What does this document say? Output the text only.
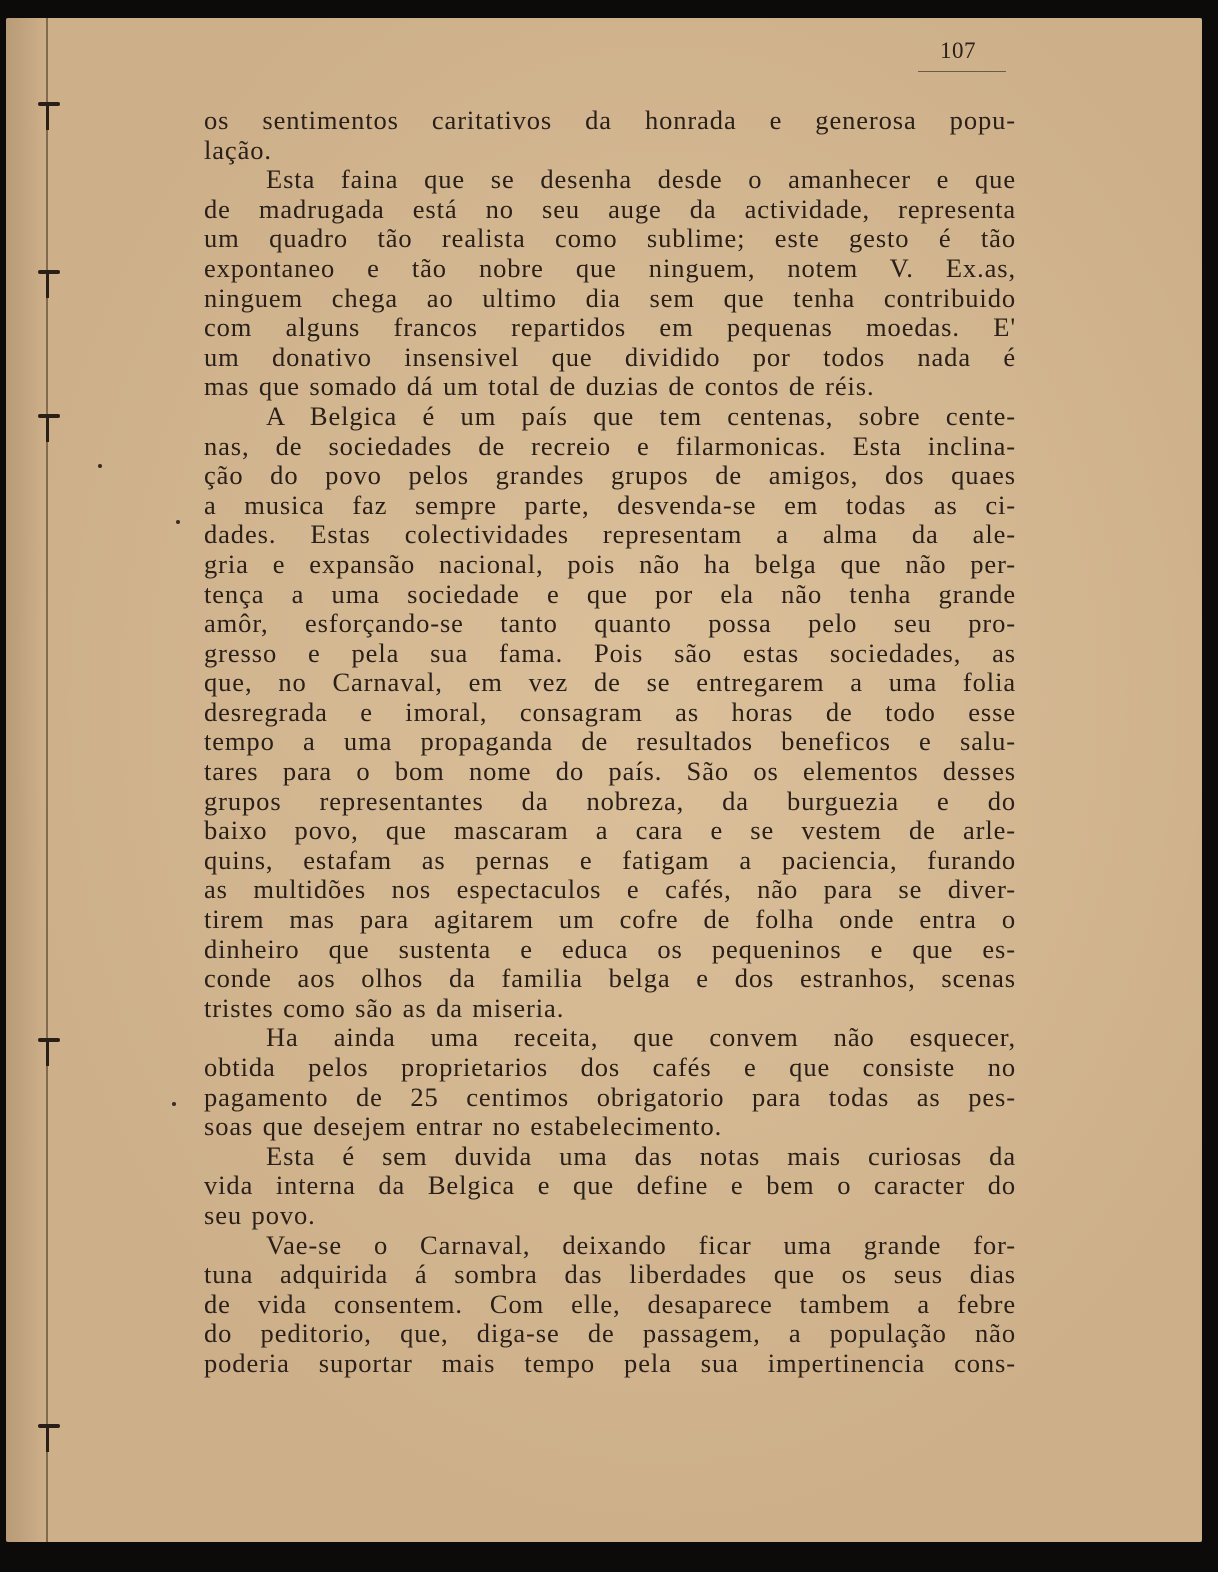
107
os sentimentos caritativos da honrada e generosa popu-
lação.
Esta faina que se desenha desde o amanhecer e que
de madrugada está no seu auge da actividade, representa
um quadro tão realista como sublime; este gesto é tão
expontaneo e tão nobre que ninguem, notem V. Ex.as,
ninguem chega ao ultimo dia sem que tenha contribuido
com alguns francos repartidos em pequenas moedas. E'
um donativo insensivel que dividido por todos nada é
mas que somado dá um total de duzias de contos de réis.
A Belgica é um país que tem centenas, sobre cente-
nas, de sociedades de recreio e filarmonicas. Esta inclina-
ção do povo pelos grandes grupos de amigos, dos quaes
a musica faz sempre parte, desvenda-se em todas as ci-
dades. Estas colectividades representam a alma da ale-
gria e expansão nacional, pois não ha belga que não per-
tença a uma sociedade e que por ela não tenha grande
amôr, esforçando-se tanto quanto possa pelo seu pro-
gresso e pela sua fama. Pois são estas sociedades, as
que, no Carnaval, em vez de se entregarem a uma folia
desregrada e imoral, consagram as horas de todo esse
tempo a uma propaganda de resultados beneficos e salu-
tares para o bom nome do país. São os elementos desses
grupos representantes da nobreza, da burguezia e do
baixo povo, que mascaram a cara e se vestem de arle-
quins, estafam as pernas e fatigam a paciencia, furando
as multidões nos espectaculos e cafés, não para se diver-
tirem mas para agitarem um cofre de folha onde entra o
dinheiro que sustenta e educa os pequeninos e que es-
conde aos olhos da familia belga e dos estranhos, scenas
tristes como são as da miseria.
Ha ainda uma receita, que convem não esquecer,
obtida pelos proprietarios dos cafés e que consiste no
pagamento de 25 centimos obrigatorio para todas as pes-
soas que desejem entrar no estabelecimento.
Esta é sem duvida uma das notas mais curiosas da
vida interna da Belgica e que define e bem o caracter do
seu povo.
Vae-se o Carnaval, deixando ficar uma grande for-
tuna adquirida á sombra das liberdades que os seus dias
de vida consentem. Com elle, desaparece tambem a febre
do peditorio, que, diga-se de passagem, a população não
poderia suportar mais tempo pela sua impertinencia cons-
